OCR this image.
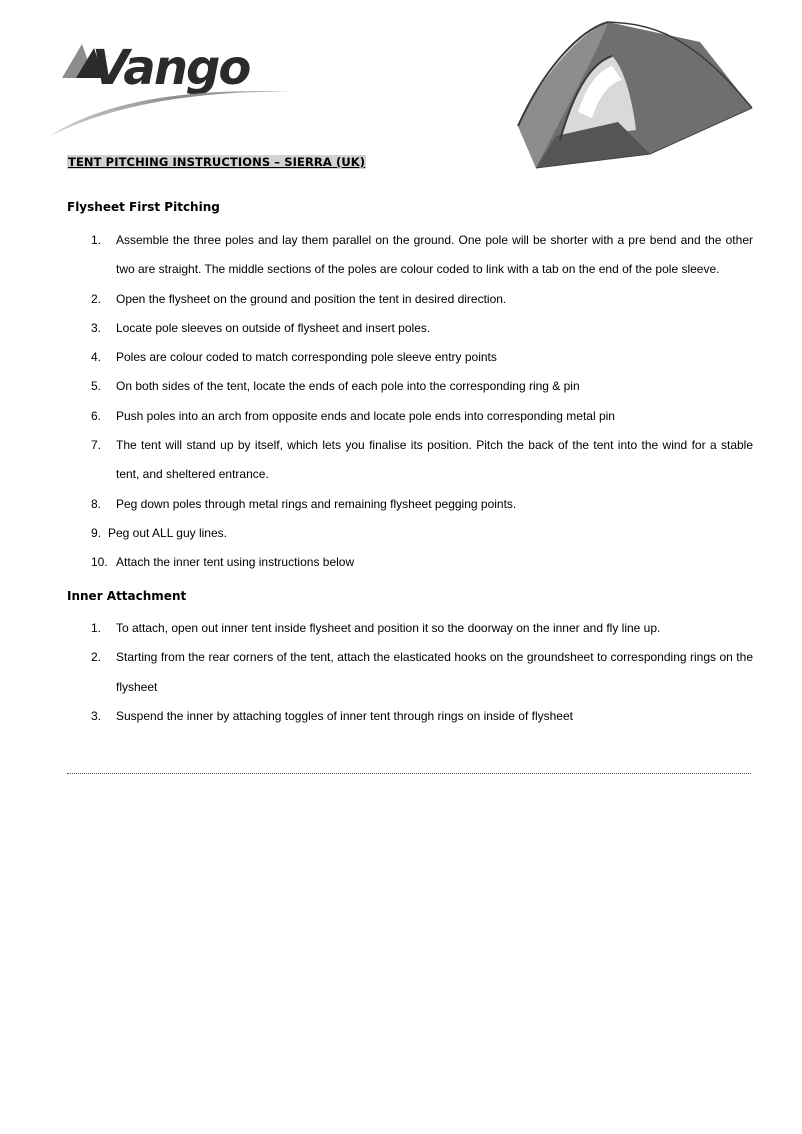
Vango
TENT PITCHING INSTRUCTIONS – SIERRA (UK)
Flysheet First Pitching
1. Assemble the three poles and lay them parallel on the ground. One pole will be shorter with a pre bend and the other two are straight. The middle sections of the poles are colour coded to link with a tab on the end of the pole sleeve.
2. Open the flysheet on the ground and position the tent in desired direction.
3. Locate pole sleeves on outside of flysheet and insert poles.
4. Poles are colour coded to match corresponding pole sleeve entry points
5. On both sides of the tent, locate the ends of each pole into the corresponding ring & pin
6. Push poles into an arch from opposite ends and locate pole ends into corresponding metal pin
7. The tent will stand up by itself, which lets you finalise its position. Pitch the back of the tent into the wind for a stable tent, and sheltered entrance.
8. Peg down poles through metal rings and remaining flysheet pegging points.
9. Peg out ALL guy lines.
10. Attach the inner tent using instructions below
Inner Attachment
1. To attach, open out inner tent inside flysheet and position it so the doorway on the inner and fly line up.
2. Starting from the rear corners of the tent, attach the elasticated hooks on the groundsheet to corresponding rings on the flysheet
3. Suspend the inner by attaching toggles of inner tent through rings on inside of flysheet
